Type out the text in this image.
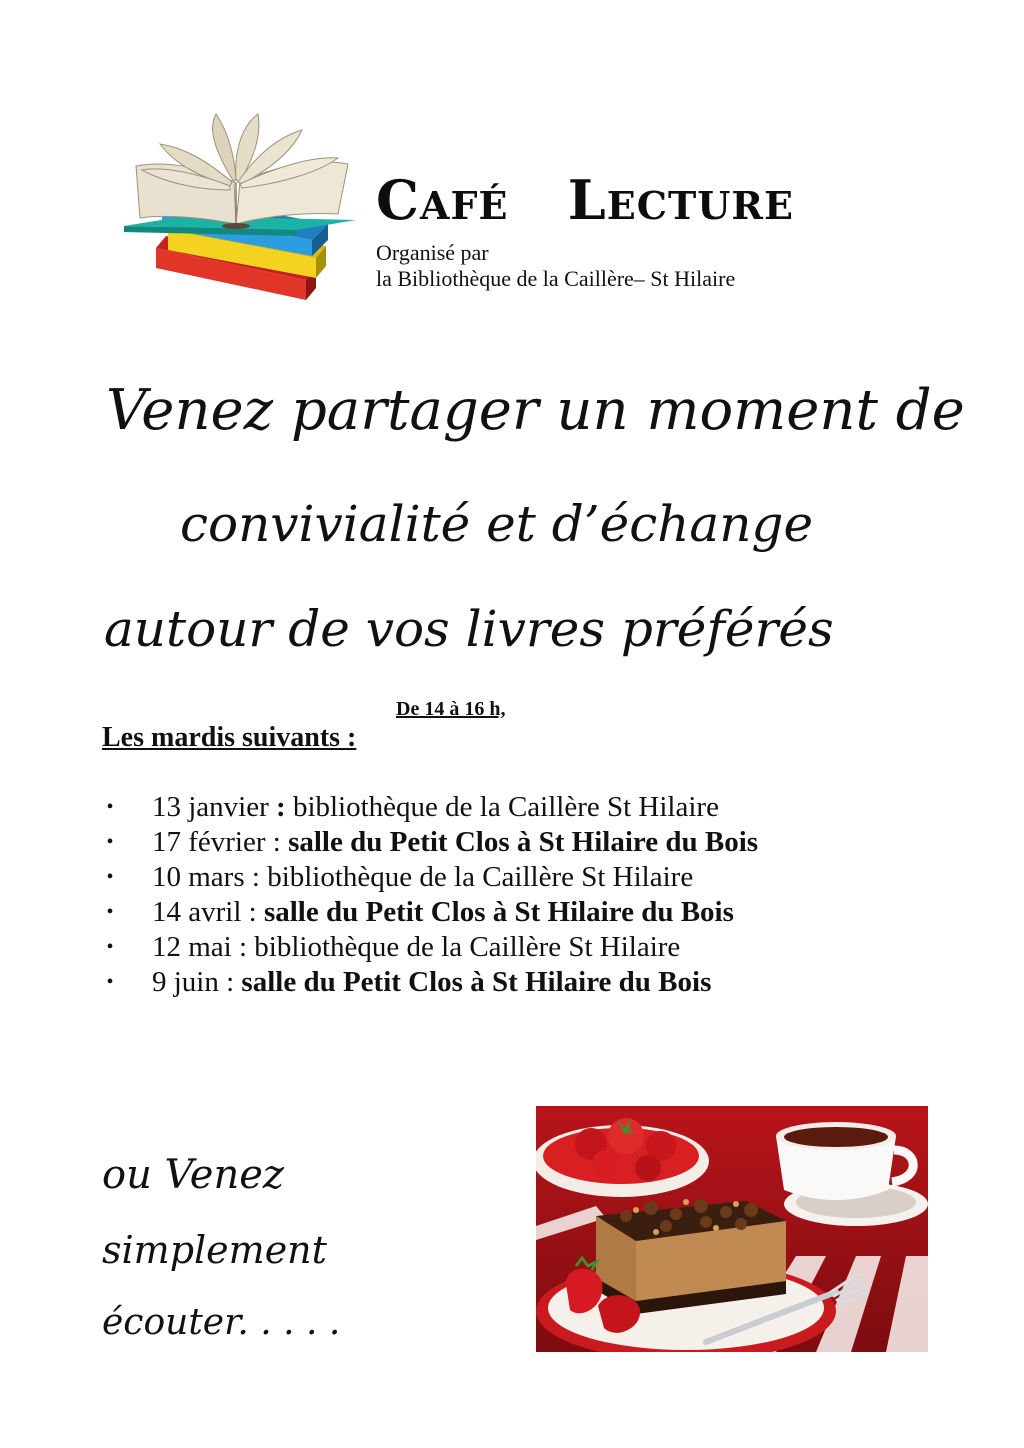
Café   Lecture
Organisé par
la Bibliothèque de la Caillère– St Hilaire
Venez partager un moment de
convivialité et d’échange
autour de vos livres préférés
De 14 à 16 h,
Les mardis suivants :
• 13 janvier : bibliothèque de la Caillère St Hilaire
• 17 février : salle du Petit Clos à St Hilaire du Bois
• 10 mars : bibliothèque de la Caillère St Hilaire
• 14 avril : salle du Petit Clos à St Hilaire du Bois
• 12 mai : bibliothèque de la Caillère St Hilaire
• 9 juin : salle du Petit Clos à St Hilaire du Bois
ou Venez
simplement
écouter. . . . .
